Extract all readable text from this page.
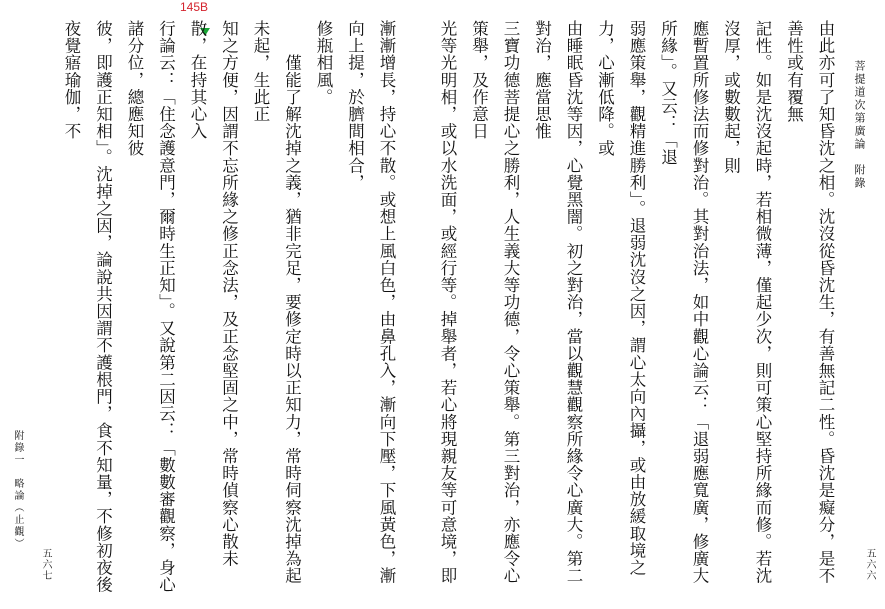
145B
菩提道次第廣論　附錄
五六六
由此亦可了知昏沈之相。沈沒從昏沈生，有善無記二性。昏沈是癡分，是不善性或有覆無
記性。如是沈沒起時，若相微薄，僅起少次，則可策心堅持所緣而修。若沈沒厚，或數數起，則
應暫置所修法而修對治。其對治法，如中觀心論云：「退弱應寬廣，修廣大所緣」。又云：「退
弱應策舉，觀精進勝利」。退弱沈沒之因，謂心太向內攝，或由放緩取境之力，心漸低降。或
由睡眠昏沈等因，心覺黑闇。初之對治，當以觀慧觀察所緣令心廣大。第二對治，應當思惟
三寶功德菩提心之勝利，人生義大等功德，令心策舉。第三對治，亦應令心策舉，及作意日
光等光明相，或以水洗面，或經行等。掉舉者，若心將現親友等可意境，即
漸漸增長，持心不散。或想上風白色，由鼻孔入，漸向下壓，下風黃色，漸向上提，於臍間相合，
修瓶相風。
　　僅能了解沈掉之義，猶非完足，要修定時以正知力，常時伺察沈掉為起未起，生此正
知之方便，因謂不忘所緣之修正念法，及正念堅固之中，常時偵察心散未散，在持其心入
行論云：「住念護意門，爾時生正知」。又說第二因云：「數數審觀察，身心諸分位，總應知彼
彼，即護正知相」。沈掉之因，論說共因謂不護根門，食不知量，不修初夜後夜覺寤瑜伽，不
附錄一　略論（止觀）
五六七
